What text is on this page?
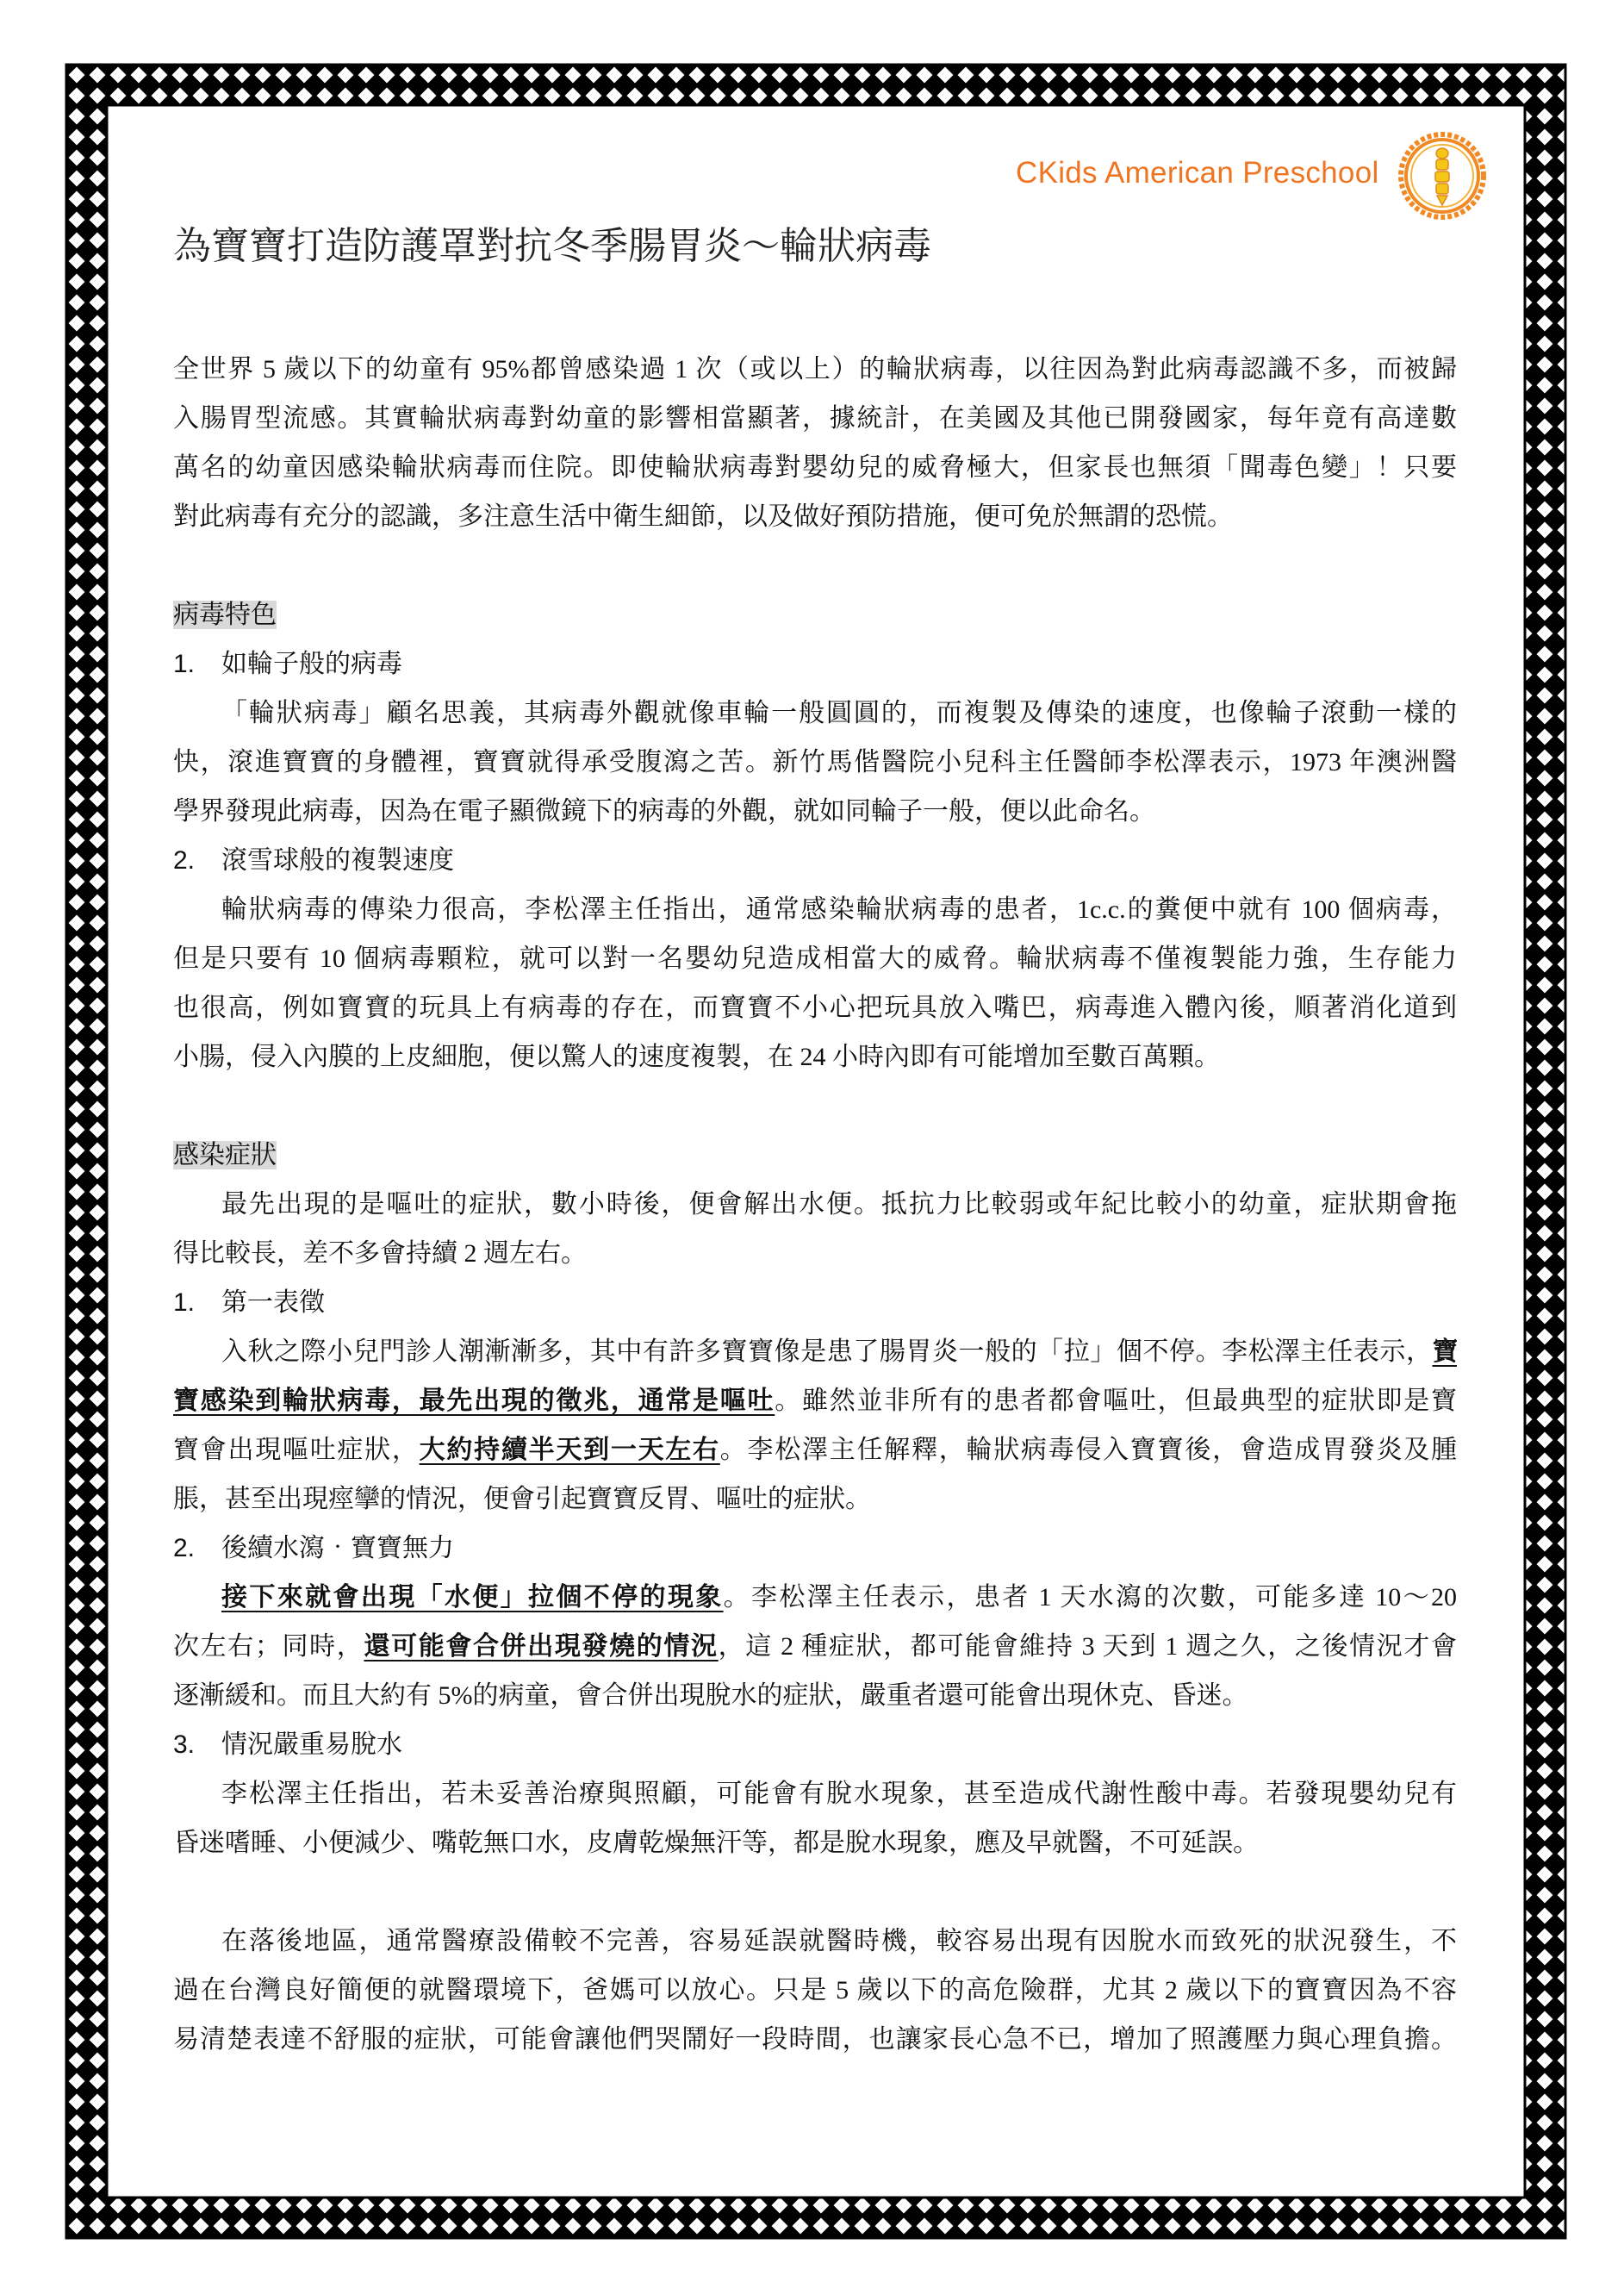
CKids American Preschool
為寶寶打造防護罩對抗冬季腸胃炎～輪狀病毒
全世界 5 歲以下的幼童有 95%都曾感染過 1 次（或以上）的輪狀病毒，以往因為對此病毒認識不多，而被歸
入腸胃型流感。其實輪狀病毒對幼童的影響相當顯著，據統計，在美國及其他已開發國家，每年竟有高達數
萬名的幼童因感染輪狀病毒而住院。即使輪狀病毒對嬰幼兒的威脅極大，但家長也無須「聞毒色變」！只要
對此病毒有充分的認識，多注意生活中衛生細節，以及做好預防措施，便可免於無謂的恐慌。
病毒特色
1. 如輪子般的病毒
「輪狀病毒」顧名思義，其病毒外觀就像車輪一般圓圓的，而複製及傳染的速度，也像輪子滾動一樣的
快，滾進寶寶的身體裡，寶寶就得承受腹瀉之苦。新竹馬偕醫院小兒科主任醫師李松澤表示，1973 年澳洲醫
學界發現此病毒，因為在電子顯微鏡下的病毒的外觀，就如同輪子一般，便以此命名。
2. 滾雪球般的複製速度
輪狀病毒的傳染力很高，李松澤主任指出，通常感染輪狀病毒的患者，1c.c.的糞便中就有 100 個病毒，
但是只要有 10 個病毒顆粒，就可以對一名嬰幼兒造成相當大的威脅。輪狀病毒不僅複製能力強，生存能力
也很高，例如寶寶的玩具上有病毒的存在，而寶寶不小心把玩具放入嘴巴，病毒進入體內後，順著消化道到
小腸，侵入內膜的上皮細胞，便以驚人的速度複製，在 24 小時內即有可能增加至數百萬顆。
感染症狀
最先出現的是嘔吐的症狀，數小時後，便會解出水便。抵抗力比較弱或年紀比較小的幼童，症狀期會拖
得比較長，差不多會持續 2 週左右。
1. 第一表徵
入秋之際小兒門診人潮漸漸多，其中有許多寶寶像是患了腸胃炎一般的「拉」個不停。李松澤主任表示，寶
寶感染到輪狀病毒，最先出現的徵兆，通常是嘔吐。雖然並非所有的患者都會嘔吐，但最典型的症狀即是寶
寶會出現嘔吐症狀，大約持續半天到一天左右。李松澤主任解釋，輪狀病毒侵入寶寶後，會造成胃發炎及腫
脹，甚至出現痙攣的情況，便會引起寶寶反胃、嘔吐的症狀。
2. 後續水瀉‧寶寶無力
接下來就會出現「水便」拉個不停的現象。李松澤主任表示，患者 1 天水瀉的次數，可能多達 10～20
次左右；同時，還可能會合併出現發燒的情況，這 2 種症狀，都可能會維持 3 天到 1 週之久，之後情況才會
逐漸緩和。而且大約有 5%的病童，會合併出現脫水的症狀，嚴重者還可能會出現休克、昏迷。
3. 情況嚴重易脫水
李松澤主任指出，若未妥善治療與照顧，可能會有脫水現象，甚至造成代謝性酸中毒。若發現嬰幼兒有
昏迷嗜睡、小便減少、嘴乾無口水，皮膚乾燥無汗等，都是脫水現象，應及早就醫，不可延誤。
在落後地區，通常醫療設備較不完善，容易延誤就醫時機，較容易出現有因脫水而致死的狀況發生，不
過在台灣良好簡便的就醫環境下，爸媽可以放心。只是 5 歲以下的高危險群，尤其 2 歲以下的寶寶因為不容
易清楚表達不舒服的症狀，可能會讓他們哭鬧好一段時間，也讓家長心急不已，增加了照護壓力與心理負擔。
